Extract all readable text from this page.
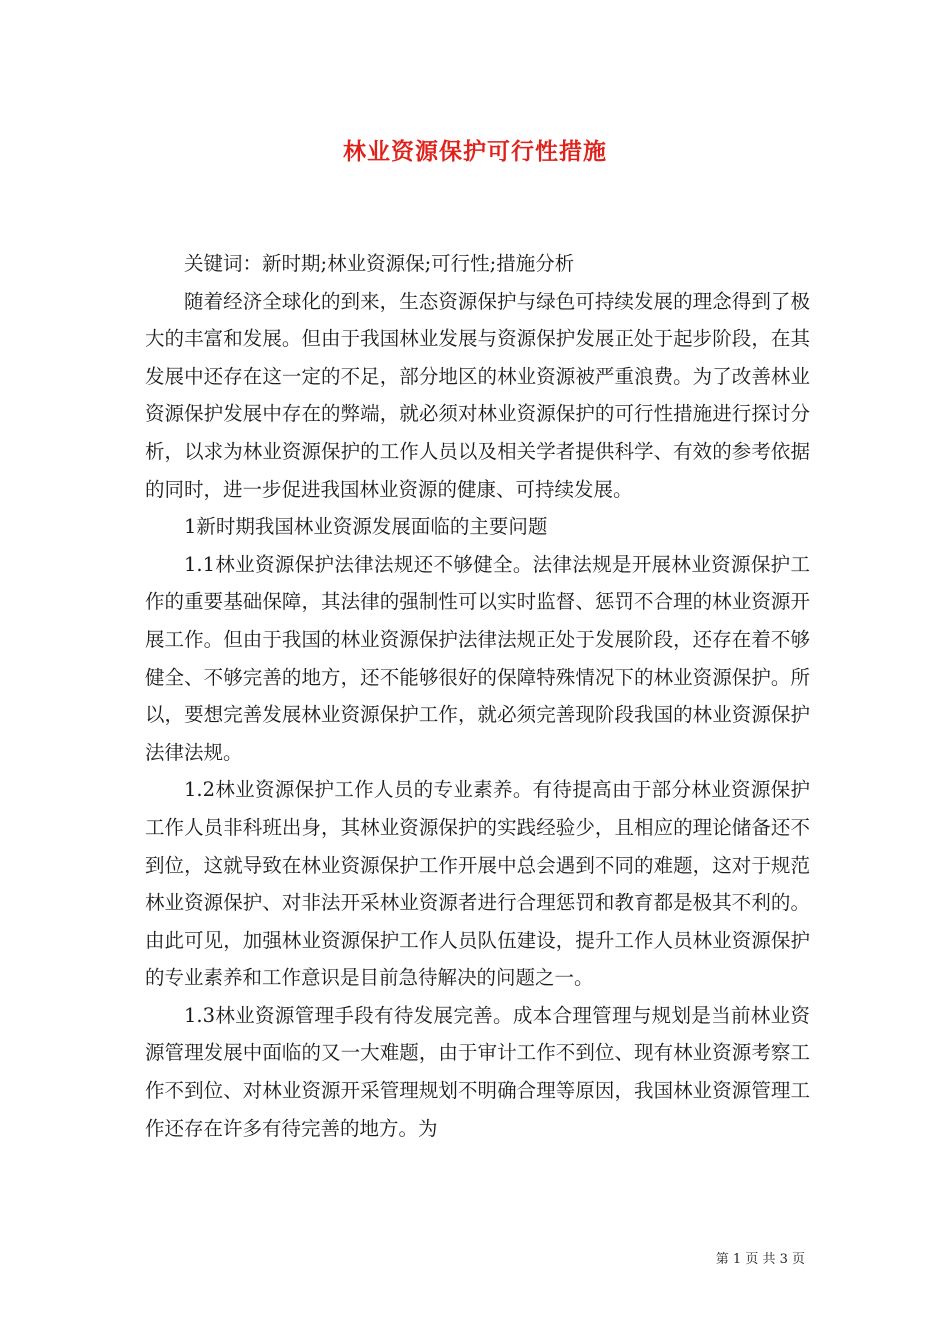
林业资源保护可行性措施

关键词：新时期;林业资源保;可行性;措施分析

随着经济全球化的到来，生态资源保护与绿色可持续发展的理念得到了极大的丰富和发展。但由于我国林业发展与资源保护发展正处于起步阶段，在其发展中还存在这一定的不足，部分地区的林业资源被严重浪费。为了改善林业资源保护发展中存在的弊端，就必须对林业资源保护的可行性措施进行探讨分析，以求为林业资源保护的工作人员以及相关学者提供科学、有效的参考依据的同时，进一步促进我国林业资源的健康、可持续发展。

1新时期我国林业资源发展面临的主要问题

1.1林业资源保护法律法规还不够健全。法律法规是开展林业资源保护工作的重要基础保障，其法律的强制性可以实时监督、惩罚不合理的林业资源开展工作。但由于我国的林业资源保护法律法规正处于发展阶段，还存在着不够健全、不够完善的地方，还不能够很好的保障特殊情况下的林业资源保护。所以，要想完善发展林业资源保护工作，就必须完善现阶段我国的林业资源保护法律法规。

1.2林业资源保护工作人员的专业素养。有待提高由于部分林业资源保护工作人员非科班出身，其林业资源保护的实践经验少，且相应的理论储备还不到位，这就导致在林业资源保护工作开展中总会遇到不同的难题，这对于规范林业资源保护、对非法开采林业资源者进行合理惩罚和教育都是极其不利的。由此可见，加强林业资源保护工作人员队伍建设，提升工作人员林业资源保护的专业素养和工作意识是目前急待解决的问题之一。

1.3林业资源管理手段有待发展完善。成本合理管理与规划是当前林业资源管理发展中面临的又一大难题，由于审计工作不到位、现有林业资源考察工作不到位、对林业资源开采管理规划不明确合理等原因，我国林业资源管理工作还存在许多有待完善的地方。为

第 1 页 共 3 页
